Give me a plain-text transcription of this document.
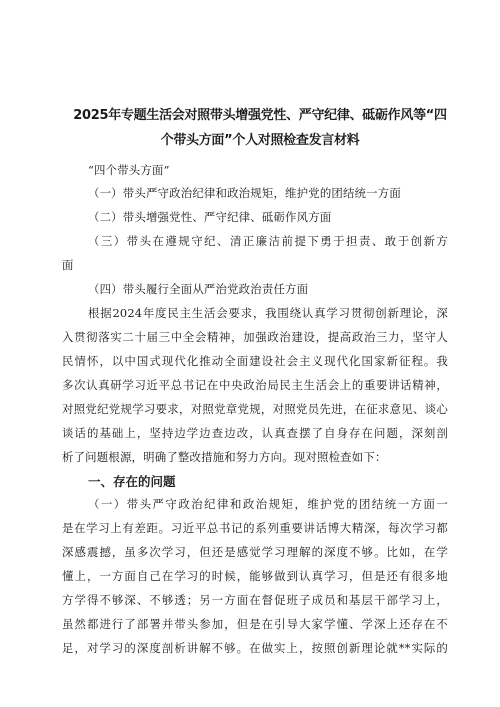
2025年专题生活会对照带头增强党性、严守纪律、砥砺作风等“四
个带头方面”个人对照检查发言材料
“四个带头方面”
（一）带头严守政治纪律和政治规矩，维护党的团结统一方面
（二）带头增强党性、严守纪律、砥砺作风方面
（三）带头在遵规守纪、清正廉洁前提下勇于担责、敢于创新方
面
（四）带头履行全面从严治党政治责任方面
根据2024年度民主生活会要求，我围绕认真学习贯彻创新理论，深
入贯彻落实二十届三中全会精神，加强政治建设，提高政治三力，坚守人
民情怀，以中国式现代化推动全面建设社会主义现代化国家新征程。我
多次认真研学习近平总书记在中央政治局民主生活会上的重要讲话精神，
对照党纪党规学习要求，对照党章党规，对照党员先进，在征求意见、谈心
谈话的基础上，坚持边学边查边改，认真查摆了自身存在问题，深刻剖
析了问题根源，明确了整改措施和努力方向。现对照检查如下：
一、存在的问题
（一）带头严守政治纪律和政治规矩，维护党的团结统一方面一
是在学习上有差距。习近平总书记的系列重要讲话博大精深，每次学习都
深感震撼，虽多次学习，但还是感觉学习理解的深度不够。比如，在学
懂上，一方面自己在学习的时候，能够做到认真学习，但是还有很多地
方学得不够深、不够透；另一方面在督促班子成员和基层干部学习上，
虽然都进行了部署并带头参加，但是在引导大家学懂、学深上还存在不
足，对学习的深度剖析讲解不够。在做实上，按照创新理论就**实际的
